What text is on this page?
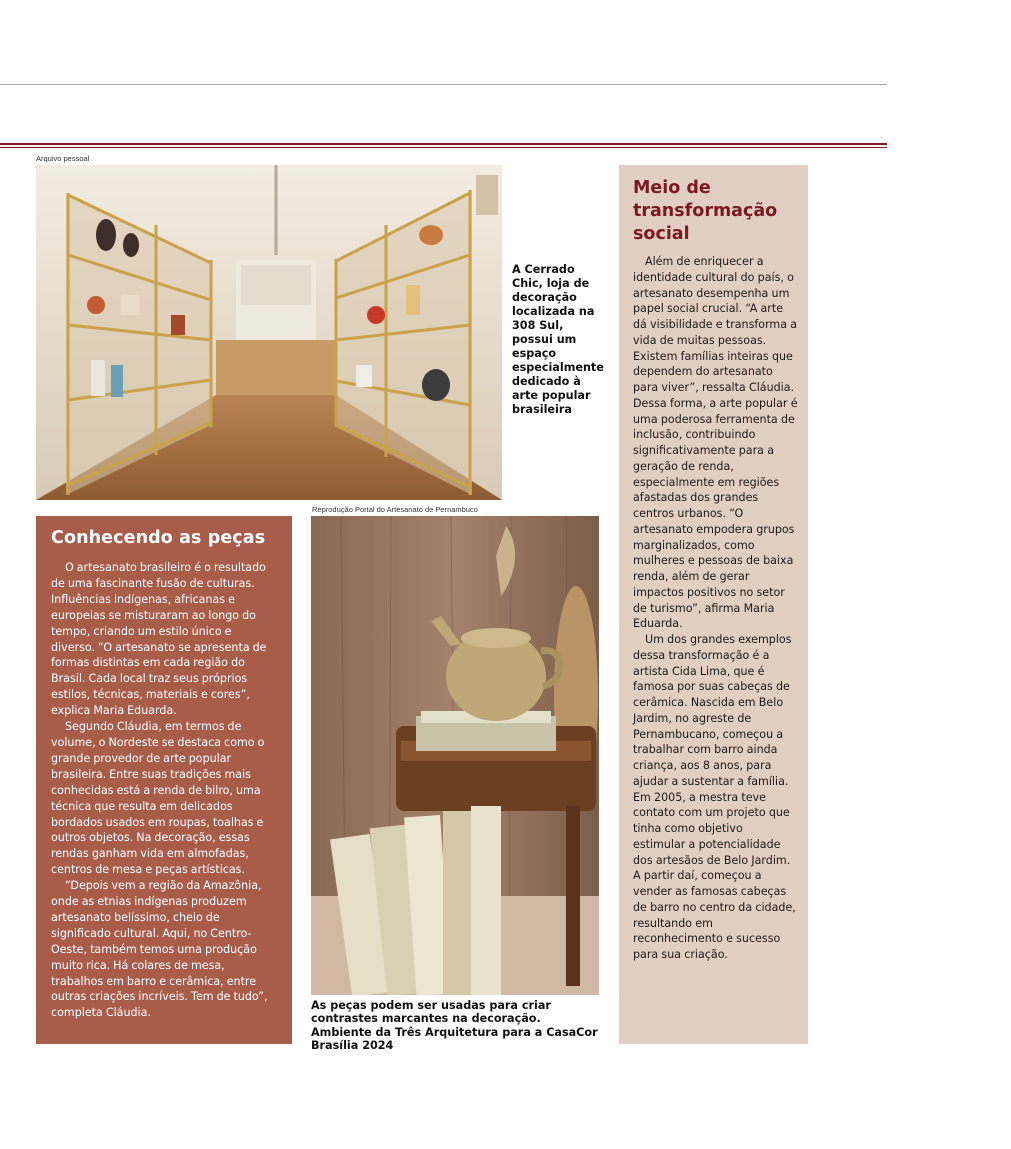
Arquivo pessoal
A Cerrado Chic, loja de decoração localizada na 308 Sul, possui um espaço especialmente dedicado à arte popular brasileira
Reprodução Portal do Artesanato de Pernambuco
As peças podem ser usadas para criar contrastes marcantes na decoração. Ambiente da Três Arquitetura para a CasaCor Brasília 2024
Conhecendo as peças

O artesanato brasileiro é o resultado de uma fascinante fusão de culturas. Influências indígenas, africanas e europeias se misturaram ao longo do tempo, criando um estilo único e diverso. “O artesanato se apresenta de formas distintas em cada região do Brasil. Cada local traz seus próprios estilos, técnicas, materiais e cores”, explica Maria Eduarda.

Segundo Cláudia, em termos de volume, o Nordeste se destaca como o grande provedor de arte popular brasileira. Entre suas tradições mais conhecidas está a renda de bilro, uma técnica que resulta em delicados bordados usados em roupas, toalhas e outros objetos. Na decoração, essas rendas ganham vida em almofadas, centros de mesa e peças artísticas.

“Depois vem a região da Amazônia, onde as etnias indígenas produzem artesanato belíssimo, cheio de significado cultural. Aqui, no Centro-Oeste, também temos uma produção muito rica. Há colares de mesa, trabalhos em barro e cerâmica, entre outras criações incríveis. Tem de tudo”, completa Cláudia.

Meio de transformação social

Além de enriquecer a identidade cultural do país, o artesanato desempenha um papel social crucial. “A arte dá visibilidade e transforma a vida de muitas pessoas. Existem famílias inteiras que dependem do artesanato para viver”, ressalta Cláudia. Dessa forma, a arte popular é uma poderosa ferramenta de inclusão, contribuindo significativamente para a geração de renda, especialmente em regiões afastadas dos grandes centros urbanos. “O artesanato empodera grupos marginalizados, como mulheres e pessoas de baixa renda, além de gerar impactos positivos no setor de turismo”, afirma Maria Eduarda.

Um dos grandes exemplos dessa transformação é a artista Cida Lima, que é famosa por suas cabeças de cerâmica. Nascida em Belo Jardim, no agreste de Pernambucano, começou a trabalhar com barro ainda criança, aos 8 anos, para ajudar a sustentar a família. Em 2005, a mestra teve contato com um projeto que tinha como objetivo estimular a potencialidade dos artesãos de Belo Jardim. A partir daí, começou a vender as famosas cabeças de barro no centro da cidade, resultando em reconhecimento e sucesso para sua criação.
